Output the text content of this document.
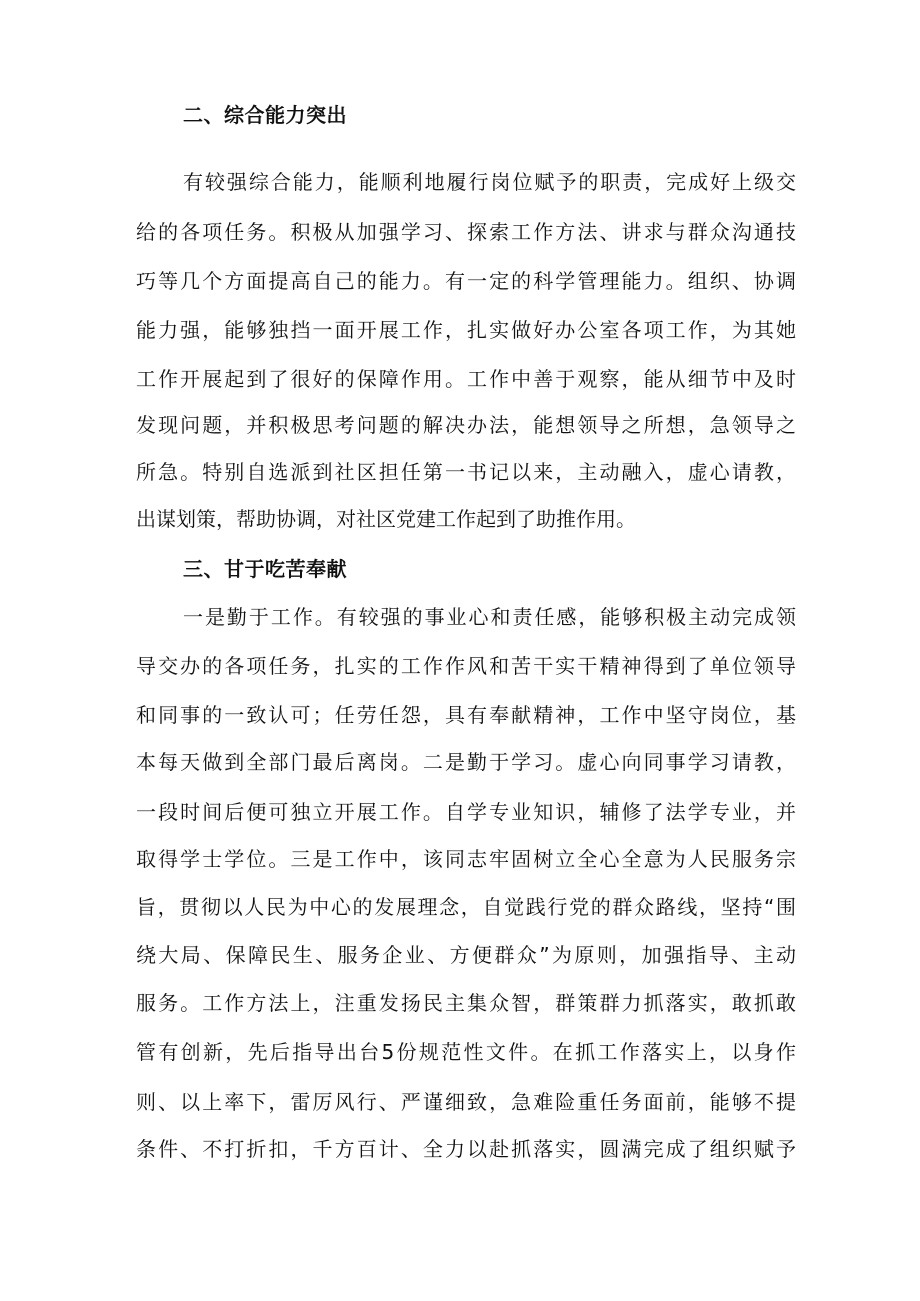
二、综合能力突出
有较强综合能力，能顺利地履行岗位赋予的职责，完成好上级交
给的各项任务。积极从加强学习、探索工作方法、讲求与群众沟通技
巧等几个方面提高自己的能力。有一定的科学管理能力。组织、协调
能力强，能够独挡一面开展工作，扎实做好办公室各项工作，为其她
工作开展起到了很好的保障作用。工作中善于观察，能从细节中及时
发现问题，并积极思考问题的解决办法，能想领导之所想，急领导之
所急。特别自选派到社区担任第一书记以来，主动融入，虚心请教，
出谋划策，帮助协调，对社区党建工作起到了助推作用。
三、甘于吃苦奉献
一是勤于工作。有较强的事业心和责任感，能够积极主动完成领
导交办的各项任务，扎实的工作作风和苦干实干精神得到了单位领导
和同事的一致认可；任劳任怨，具有奉献精神，工作中坚守岗位，基
本每天做到全部门最后离岗。二是勤于学习。虚心向同事学习请教，
一段时间后便可独立开展工作。自学专业知识，辅修了法学专业，并
取得学士学位。三是工作中，该同志牢固树立全心全意为人民服务宗
旨，贯彻以人民为中心的发展理念，自觉践行党的群众路线，坚持“围
绕大局、保障民生、服务企业、方便群众”为原则，加强指导、主动
服务。工作方法上，注重发扬民主集众智，群策群力抓落实，敢抓敢
管有创新，先后指导出台5份规范性文件。在抓工作落实上，以身作
则、以上率下，雷厉风行、严谨细致，急难险重任务面前，能够不提
条件、不打折扣，千方百计、全力以赴抓落实，圆满完成了组织赋予
